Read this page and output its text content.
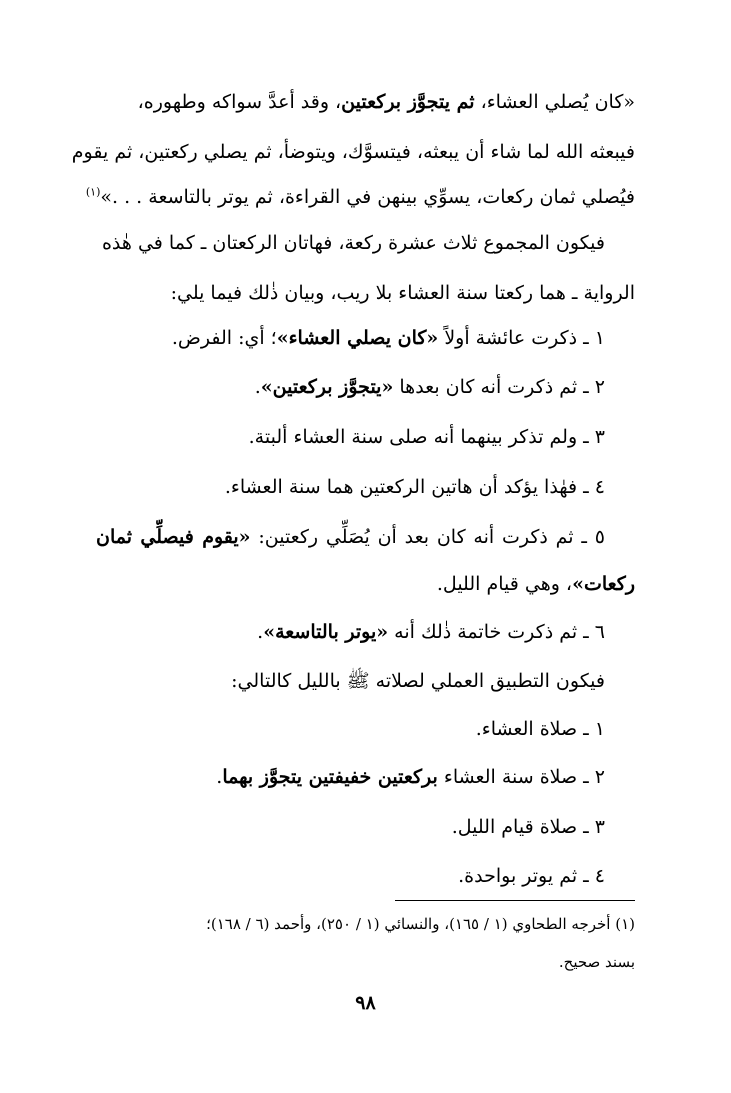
«كان يُصلي العشاء، ثم يتجوَّز بركعتين، وقد أعدَّ سواكه وطهوره،
فيبعثه الله لما شاء أن يبعثه، فيتسوَّك، ويتوضأ، ثم يصلي ركعتين، ثم يقوم
فيُصلي ثمان ركعات، يسوِّي بينهن في القراءة، ثم يوتر بالتاسعة . . .»$^{(١)}$
فيكون المجموع ثلاث عشرة ركعة، فهاتان الركعتان ـ كما في هٰذه
الرواية ـ هما ركعتا سنة العشاء بلا ريب، وبيان ذٰلك فيما يلي:
١ ـ ذكرت عائشة أولاً «كان يصلي العشاء»؛ أي: الفرض.
٢ ـ ثم ذكرت أنه كان بعدها «يتجوَّز بركعتين».
٣ ـ ولم تذكر بينهما أنه صلى سنة العشاء ألبتة.
٤ ـ فهٰذا يؤكد أن هاتين الركعتين هما سنة العشاء.
٥ ـ ثم ذكرت أنه كان بعد أن يُصَلِّي ركعتين: «يقوم فيصلِّي ثمان
ركعات»، وهي قيام الليل.
٦ ـ ثم ذكرت خاتمة ذٰلك أنه «يوتر بالتاسعة».
فيكون التطبيق العملي لصلاته ﷺ بالليل كالتالي:
١ ـ صلاة العشاء.
٢ ـ صلاة سنة العشاء بركعتين خفيفتين يتجوَّز بهما.
٣ ـ صلاة قيام الليل.
٤ ـ ثم يوتر بواحدة.
(١) أخرجه الطحاوي (١ / ١٦٥)، والنسائي (١ / ٢٥٠)، وأحمد (٦ / ١٦٨)؛
بسند صحيح.
٩٨
